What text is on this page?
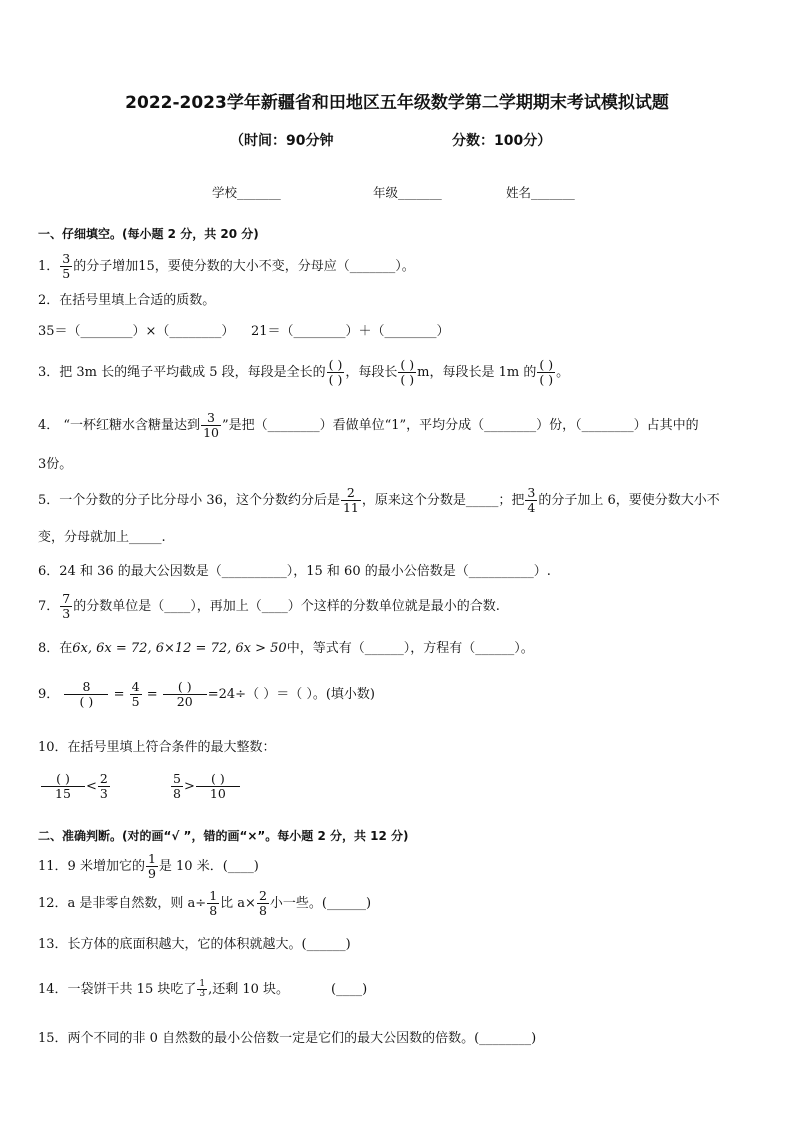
2022-2023学年新疆省和田地区五年级数学第二学期期末考试模拟试题
（时间：90分钟	分数：100分）
学校_______	年级_______	姓名_______
一、仔细填空。(每小题 2 分，共 20 分)
1． $\frac{3}{5}$ 的分子增加15，要使分数的大小不变，分母应（_______）。
2．在括号里填上合适的质数。
35＝（________）×（________）    21＝（________）＋（________）
3．把 3m 长的绳子平均截成 5 段，每段是全长的 $\frac{( )}{( )}$ ，每段长 $\frac{( )}{( )}$ m，每段长是 1m 的 $\frac{( )}{( )}$ 。
4． “一杯红糖水含糖量达到 $\frac{3}{10}$ ”是把（________）看做单位“1”，平均分成（________）份，（________）占其中的
3份。
5．一个分数的分子比分母小 36，这个分数约分后是 $\frac{2}{11}$ ，原来这个分数是_____；把 $\frac{3}{4}$ 的分子加上 6，要使分数大小不
变，分母就加上_____.
6．24 和 36 的最大公因数是（__________），15 和 60 的最小公倍数是（__________）.
7． $\frac{7}{3}$ 的分数单位是（____），再加上（____）个这样的分数单位就是最小的合数.
8．在6x, 6x = 72, 6×12 = 72, 6x > 50中，等式有（______），方程有（______）。
9． $\frac{8}{( )} = \frac{4}{5} = \frac{( )}{20} =24\div$（ ）＝（ ）。(填小数)
10．在括号里填上符合条件的最大整数：
$\frac{( )}{15} < \frac{2}{3}$	$\frac{5}{8} > \frac{( )}{10}$
二、准确判断。(对的画“√ ”，错的画“×”。每小题 2 分，共 12 分)
11．9 米增加它的 $\frac{1}{9}$ 是 10 米．(____)
12．a 是非零自然数，则 $a\div \frac{1}{8}$ 比 $a\times \frac{2}{8}$ 小一些。(______)
13．长方体的底面积越大，它的体积就越大。(______)
14．一袋饼干共 15 块吃了 $\frac{1}{3}$ ,还剩 10 块。	(____)
15．两个不同的非 0 自然数的最小公倍数一定是它们的最大公因数的倍数。(________)
